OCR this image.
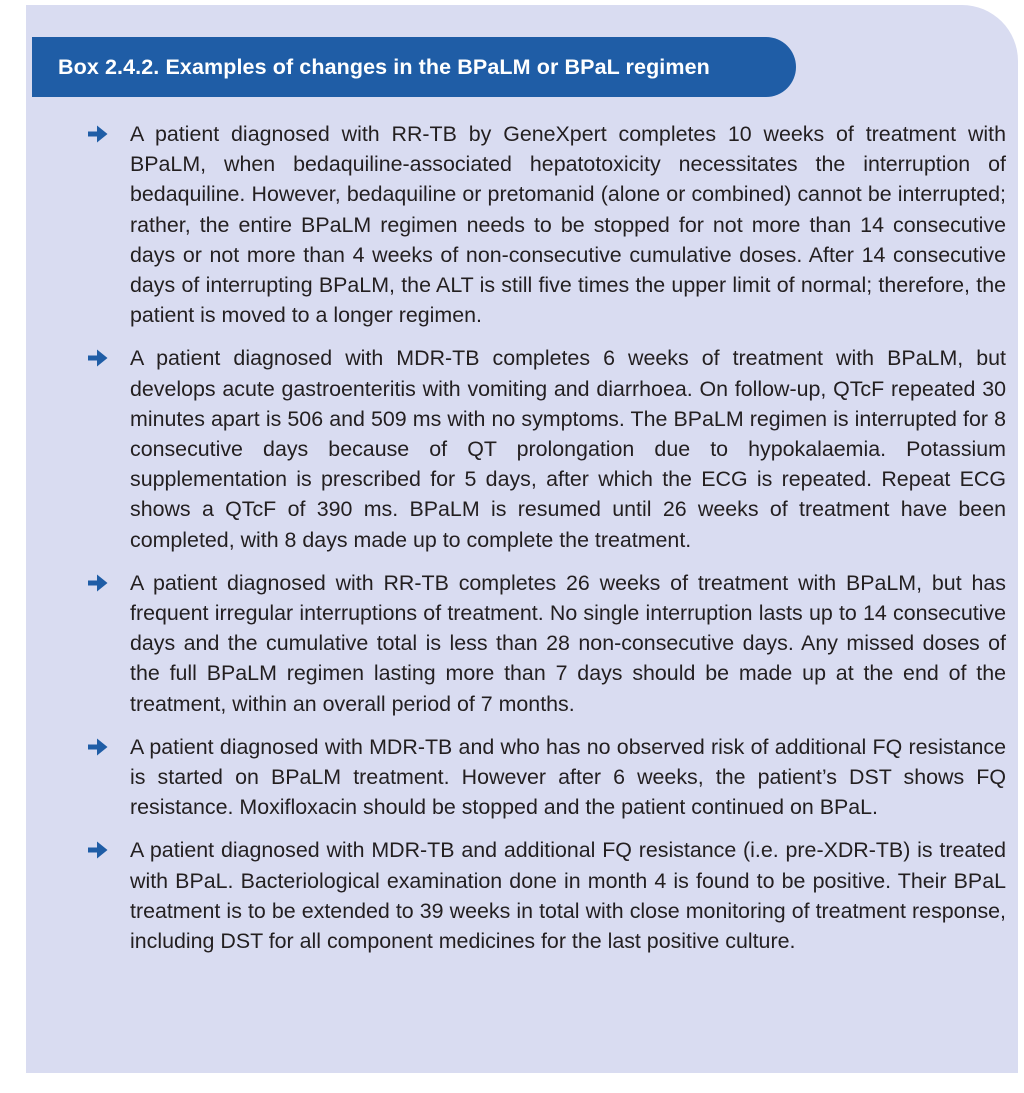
Box 2.4.2. Examples of changes in the BPaLM or BPaL regimen
A patient diagnosed with RR-TB by GeneXpert completes 10 weeks of treatment with BPaLM, when bedaquiline-associated hepatotoxicity necessitates the interruption of bedaquiline. However, bedaquiline or pretomanid (alone or combined) cannot be interrupted; rather, the entire BPaLM regimen needs to be stopped for not more than 14 consecutive days or not more than 4 weeks of non-consecutive cumulative doses. After 14 consecutive days of interrupting BPaLM, the ALT is still five times the upper limit of normal; therefore, the patient is moved to a longer regimen.
A patient diagnosed with MDR-TB completes 6 weeks of treatment with BPaLM, but develops acute gastroenteritis with vomiting and diarrhoea. On follow-up, QTcF repeated 30 minutes apart is 506 and 509 ms with no symptoms. The BPaLM regimen is interrupted for 8 consecutive days because of QT prolongation due to hypokalaemia. Potassium supplementation is prescribed for 5 days, after which the ECG is repeated. Repeat ECG shows a QTcF of 390 ms. BPaLM is resumed until 26 weeks of treatment have been completed, with 8 days made up to complete the treatment.
A patient diagnosed with RR-TB completes 26 weeks of treatment with BPaLM, but has frequent irregular interruptions of treatment. No single interruption lasts up to 14 consecutive days and the cumulative total is less than 28 non-consecutive days. Any missed doses of the full BPaLM regimen lasting more than 7 days should be made up at the end of the treatment, within an overall period of 7 months.
A patient diagnosed with MDR-TB and who has no observed risk of additional FQ resistance is started on BPaLM treatment. However after 6 weeks, the patient’s DST shows FQ resistance. Moxifloxacin should be stopped and the patient continued on BPaL.
A patient diagnosed with MDR-TB and additional FQ resistance (i.e. pre-XDR-TB) is treated with BPaL. Bacteriological examination done in month 4 is found to be positive. Their BPaL treatment is to be extended to 39 weeks in total with close monitoring of treatment response, including DST for all component medicines for the last positive culture.
